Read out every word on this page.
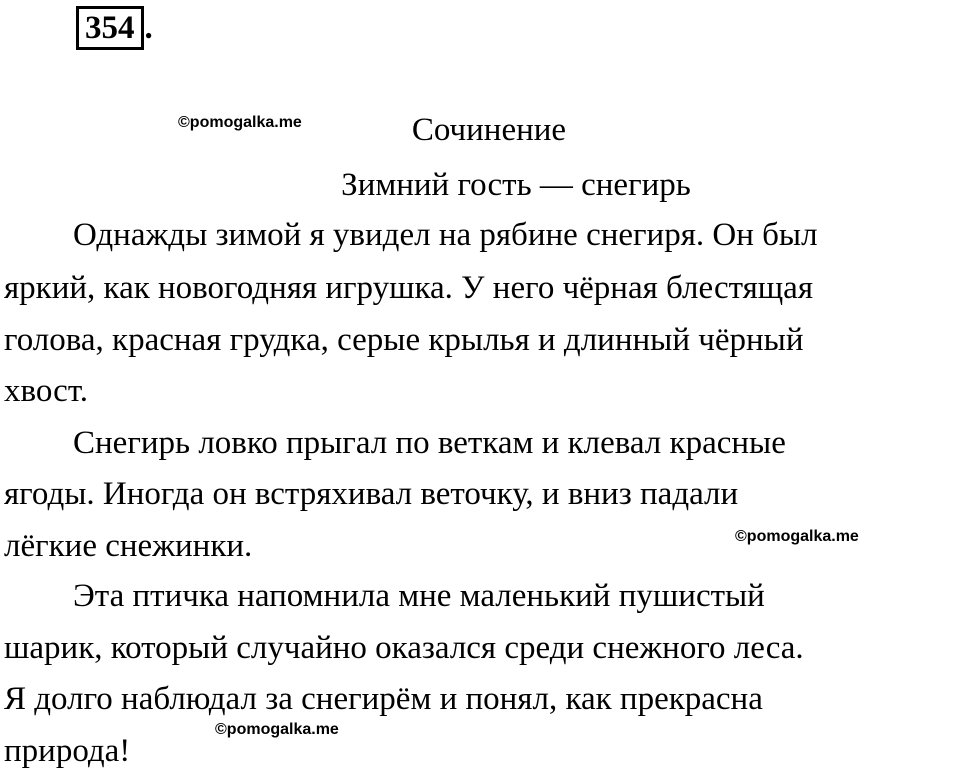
354 .
©pomogalka.me	Сочинение
Зимний гость — снегирь
Однажды зимой я увидел на рябине снегиря. Он был
яркий, как новогодняя игрушка. У него чёрная блестящая
голова, красная грудка, серые крылья и длинный чёрный
хвост.
Снегирь ловко прыгал по веткам и клевал красные
ягоды. Иногда он встряхивал веточку, и вниз падали
лёгкие снежинки.	©pomogalka.me
Эта птичка напомнила мне маленький пушистый
шарик, который случайно оказался среди снежного леса.
Я долго наблюдал за снегирём и понял, как прекрасна
природа!
©pomogalka.me
